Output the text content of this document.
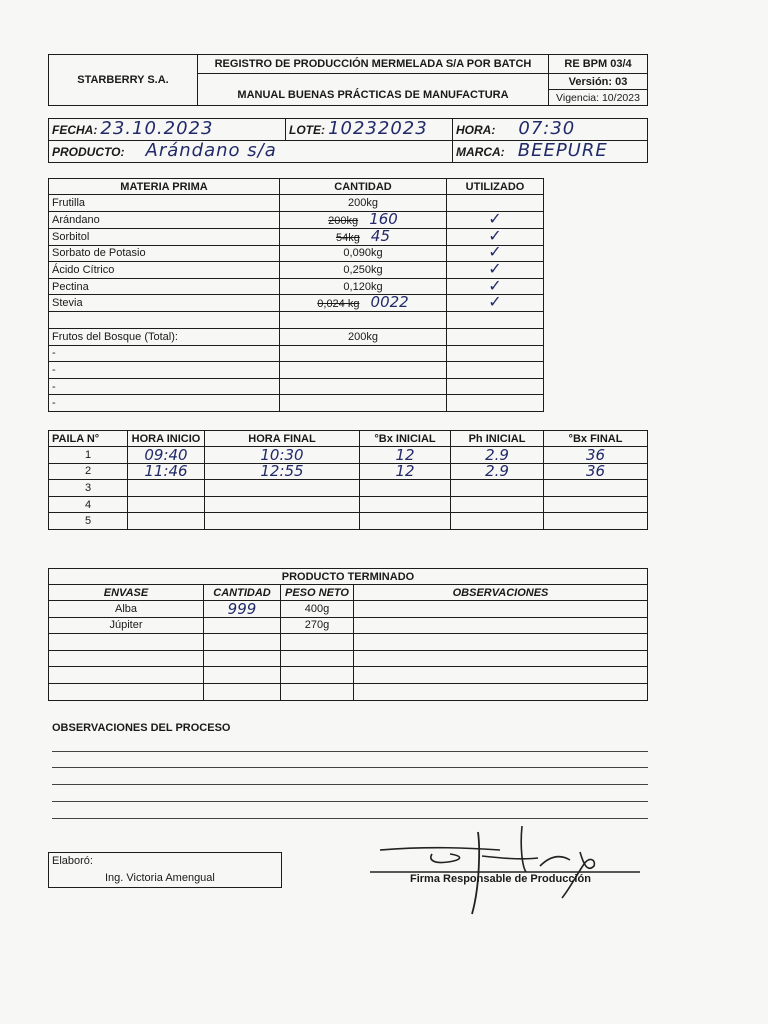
STARBERRY S.A.	REGISTRO DE PRODUCCIÓN MERMELADA S/A POR BATCH	RE BPM 03/4
	MANUAL BUENAS PRÁCTICAS DE MANUFACTURA	Versión: 03
		Vigencia: 10/2023
FECHA: 23.10.2023	LOTE: 10232023	HORA: 07:30
PRODUCTO: Arándano s/a		MARCA: BEEPURE
MATERIA PRIMA	CANTIDAD	UTILIZADO
Frutilla	200kg	
Arándano	200kg 160	✓
Sorbitol	54kg 45	✓
Sorbato de Potasio	0,090kg	✓
Ácido Cítrico	0,250kg	✓
Pectina	0,120kg	✓
Stevia	0,024 kg 0022	✓

Frutos del Bosque (Total):	200kg	
-		
-		
-		
-		
PAILA N°	HORA INICIO	HORA FINAL	°Bx INICIAL	Ph INICIAL	°Bx FINAL
1	09:40	10:30	12	2.9	36
2	11:46	12:55	12	2.9	36
3					
4					
5					
PRODUCTO TERMINADO			
ENVASE	CANTIDAD	PESO NETO	OBSERVACIONES
Alba	999	400g	
Júpiter		270g	

OBSERVACIONES DEL PROCESO
Elaboró:
Ing. Victoria Amengual	Firma Responsable de Producción
